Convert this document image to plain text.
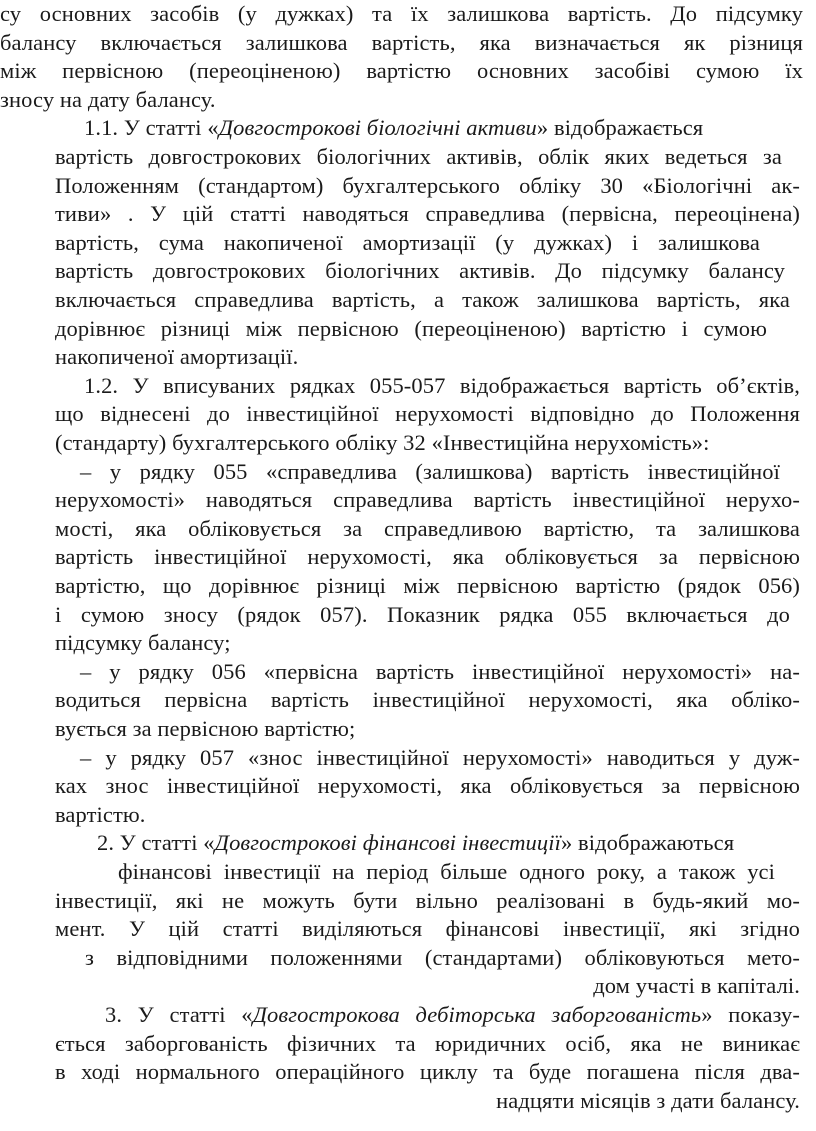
су основних засобів (у дужках) та їх залишкова вартість. До підсумку
балансу включається залишкова вартість, яка визначається як різниця
між первісною (переоціненою) вартістю основних засобіві сумою їх
зносу на дату балансу.
1.1. У статті «Довгострокові біологічні активи» відображається
вартість довгострокових біологічних активів, облік яких ведеться за
Положенням (стандартом) бухгалтерського обліку 30 «Біологічні ак-
тиви» . У цій статті наводяться справедлива (первісна, переоцінена)
вартість, сума накопиченої амортизації (у дужках) і залишкова
вартість довгострокових біологічних активів. До підсумку балансу
включається справедлива вартість, а також залишкова вартість, яка
дорівнює різниці між первісною (переоціненою) вартістю і сумою
накопиченої амортизації.
1.2. У вписуваних рядках 055-057 відображається вартість об’єктів,
що віднесені до інвестиційної нерухомості відповідно до Положення
(стандарту) бухгалтерського обліку 32 «Інвестиційна нерухомість»:
– у рядку 055 «справедлива (залишкова) вартість інвестиційної
нерухомості» наводяться справедлива вартість інвестиційної нерухо-
мості, яка обліковується за справедливою вартістю, та залишкова
вартість інвестиційної нерухомості, яка обліковується за первісною
вартістю, що дорівнює різниці між первісною вартістю (рядок 056)
і сумою зносу (рядок 057). Показник рядка 055 включається до
підсумку балансу;
– у рядку 056 «первісна вартість інвестиційної нерухомості» на-
водиться первісна вартість інвестиційної нерухомості, яка обліко-
вується за первісною вартістю;
– у рядку 057 «знос інвестиційної нерухомості» наводиться у дуж-
ках знос інвестиційної нерухомості, яка обліковується за первісною
вартістю.
2. У статті «Довгострокові фінансові інвестиції» відображаються
фінансові інвестиції на період більше одного року, а також усі
інвестиції, які не можуть бути вільно реалізовані в будь-який мо-
мент. У цій статті виділяються фінансові інвестиції, які згідно
з відповідними положеннями (стандартами) обліковуються мето-
дом участі в капіталі.
3. У статті «Довгострокова дебіторська заборгованість» показу-
ється заборгованість фізичних та юридичних осіб, яка не виникає
в ході нормального операційного циклу та буде погашена після два-
надцяти місяців з дати балансу.
